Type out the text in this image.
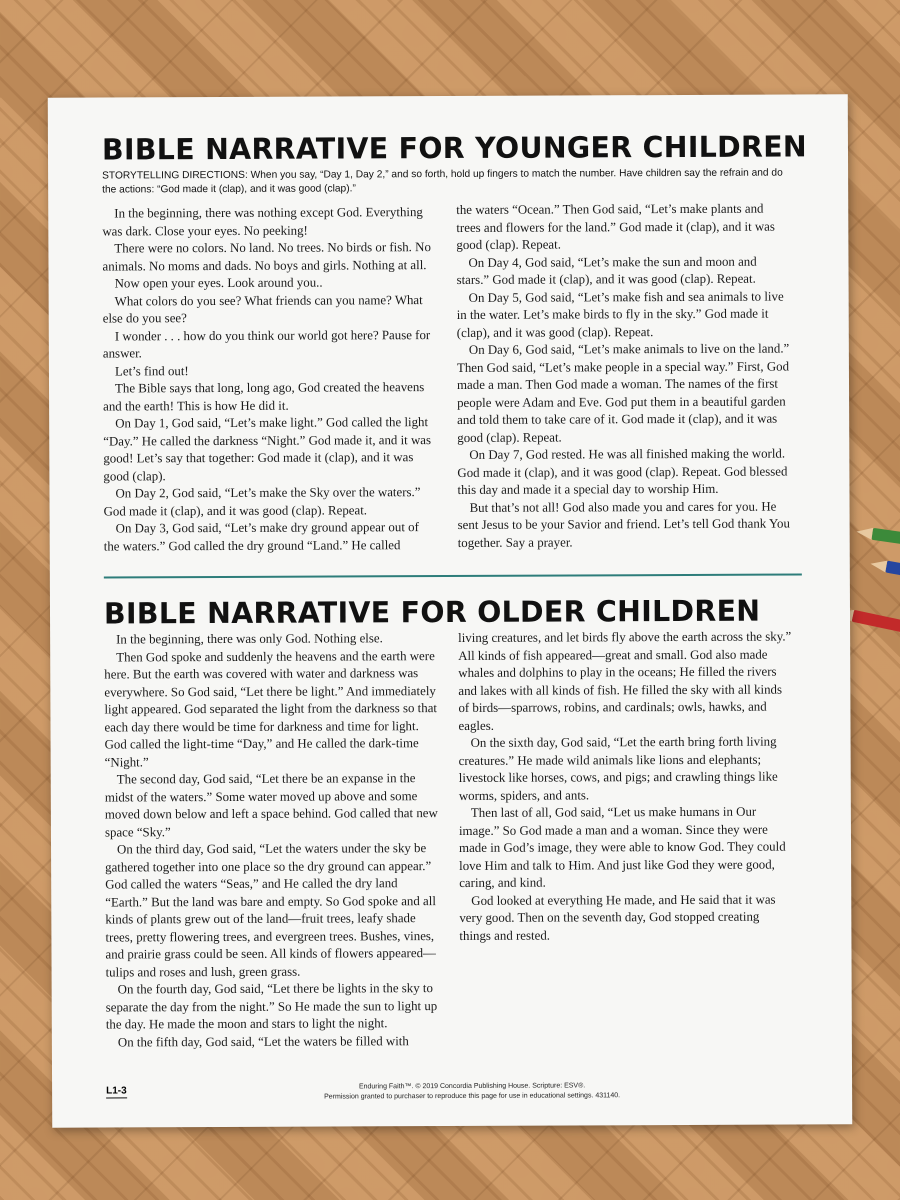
BIBLE NARRATIVE FOR YOUNGER CHILDREN
STORYTELLING DIRECTIONS: When you say, “Day 1, Day 2,” and so forth, hold up fingers to match the number. Have children say the refrain and do the actions: “God made it (clap), and it was good (clap).”

In the beginning, there was nothing except God. Everything was dark. Close your eyes. No peeking!

There were no colors. No land. No trees. No birds or fish. No animals. No moms and dads. No boys and girls. Nothing at all.

Now open your eyes. Look around you..

What colors do you see? What friends can you name? What else do you see?

I wonder . . . how do you think our world got here? Pause for answer.

Let’s find out!

The Bible says that long, long ago, God created the heavens and the earth! This is how He did it.

On Day 1, God said, “Let’s make light.” God called the light “Day.” He called the darkness “Night.” God made it, and it was good! Let’s say that together: God made it (clap), and it was good (clap).

On Day 2, God said, “Let’s make the Sky over the waters.” God made it (clap), and it was good (clap). Repeat.

On Day 3, God said, “Let’s make dry ground appear out of the waters.” God called the dry ground “Land.” He called

the waters “Ocean.” Then God said, “Let’s make plants and trees and flowers for the land.” God made it (clap), and it was good (clap). Repeat.

On Day 4, God said, “Let’s make the sun and moon and stars.” God made it (clap), and it was good (clap). Repeat.

On Day 5, God said, “Let’s make fish and sea animals to live in the water. Let’s make birds to fly in the sky.” God made it (clap), and it was good (clap). Repeat.

On Day 6, God said, “Let’s make animals to live on the land.” Then God said, “Let’s make people in a special way.” First, God made a man. Then God made a woman. The names of the first people were Adam and Eve. God put them in a beautiful garden and told them to take care of it. God made it (clap), and it was good (clap). Repeat.

On Day 7, God rested. He was all finished making the world. God made it (clap), and it was good (clap). Repeat. God blessed this day and made it a special day to worship Him.

But that’s not all! God also made you and cares for you. He sent Jesus to be your Savior and friend. Let’s tell God thank You together. Say a prayer.

BIBLE NARRATIVE FOR OLDER CHILDREN

In the beginning, there was only God. Nothing else.

Then God spoke and suddenly the heavens and the earth were here. But the earth was covered with water and darkness was everywhere. So God said, “Let there be light.” And immediately light appeared. God separated the light from the darkness so that each day there would be time for darkness and time for light. God called the light-time “Day,” and He called the dark-time “Night.”

The second day, God said, “Let there be an expanse in the midst of the waters.” Some water moved up above and some moved down below and left a space behind. God called that new space “Sky.”

On the third day, God said, “Let the waters under the sky be gathered together into one place so the dry ground can appear.” God called the waters “Seas,” and He called the dry land “Earth.” But the land was bare and empty. So God spoke and all kinds of plants grew out of the land—fruit trees, leafy shade trees, pretty flowering trees, and evergreen trees. Bushes, vines, and prairie grass could be seen. All kinds of flowers appeared—tulips and roses and lush, green grass.

On the fourth day, God said, “Let there be lights in the sky to separate the day from the night.” So He made the sun to light up the day. He made the moon and stars to light the night.

On the fifth day, God said, “Let the waters be filled with

living creatures, and let birds fly above the earth across the sky.” All kinds of fish appeared—great and small. God also made whales and dolphins to play in the oceans; He filled the rivers and lakes with all kinds of fish. He filled the sky with all kinds of birds—sparrows, robins, and cardinals; owls, hawks, and eagles.

On the sixth day, God said, “Let the earth bring forth living creatures.” He made wild animals like lions and elephants; livestock like horses, cows, and pigs; and crawling things like worms, spiders, and ants.

Then last of all, God said, “Let us make humans in Our image.” So God made a man and a woman. Since they were made in God’s image, they were able to know God. They could love Him and talk to Him. And just like God they were good, caring, and kind.

God looked at everything He made, and He said that it was very good. Then on the seventh day, God stopped creating things and rested.

L1-3	Enduring Faith™. © 2019 Concordia Publishing House. Scripture: ESV®.
Permission granted to purchaser to reproduce this page for use in educational settings. 431140.
